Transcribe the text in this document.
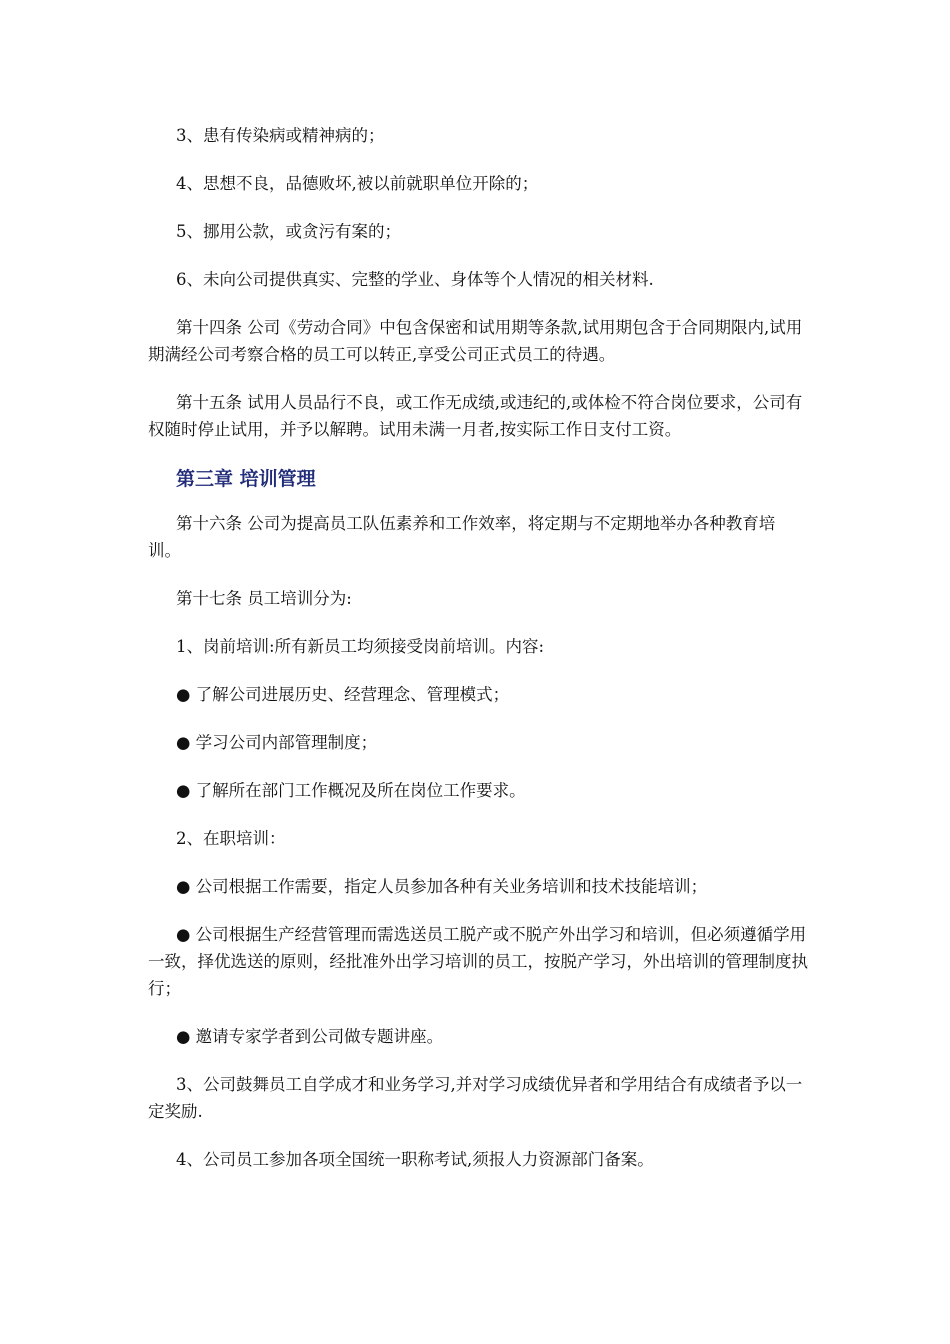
3、患有传染病或精神病的；

4、思想不良，品德败坏,被以前就职单位开除的；

5、挪用公款，或贪污有案的；

6、未向公司提供真实、完整的学业、身体等个人情况的相关材料.

第十四条 公司《劳动合同》中包含保密和试用期等条款,试用期包含于合同期限内,试用期满经公司考察合格的员工可以转正,享受公司正式员工的待遇。

第十五条 试用人员品行不良，或工作无成绩,或违纪的,或体检不符合岗位要求，公司有权随时停止试用，并予以解聘。试用未满一月者,按实际工作日支付工资。

第三章 培训管理

第十六条 公司为提高员工队伍素养和工作效率，将定期与不定期地举办各种教育培训。

第十七条 员工培训分为:

1、岗前培训:所有新员工均须接受岗前培训。内容:

● 了解公司进展历史、经营理念、管理模式；

● 学习公司内部管理制度；

● 了解所在部门工作概况及所在岗位工作要求。

2、在职培训：

● 公司根据工作需要，指定人员参加各种有关业务培训和技术技能培训；

● 公司根据生产经营管理而需选送员工脱产或不脱产外出学习和培训，但必须遵循学用一致，择优选送的原则，经批准外出学习培训的员工，按脱产学习，外出培训的管理制度执行；

● 邀请专家学者到公司做专题讲座。

3、公司鼓舞员工自学成才和业务学习,并对学习成绩优异者和学用结合有成绩者予以一定奖励.

4、公司员工参加各项全国统一职称考试,须报人力资源部门备案。
